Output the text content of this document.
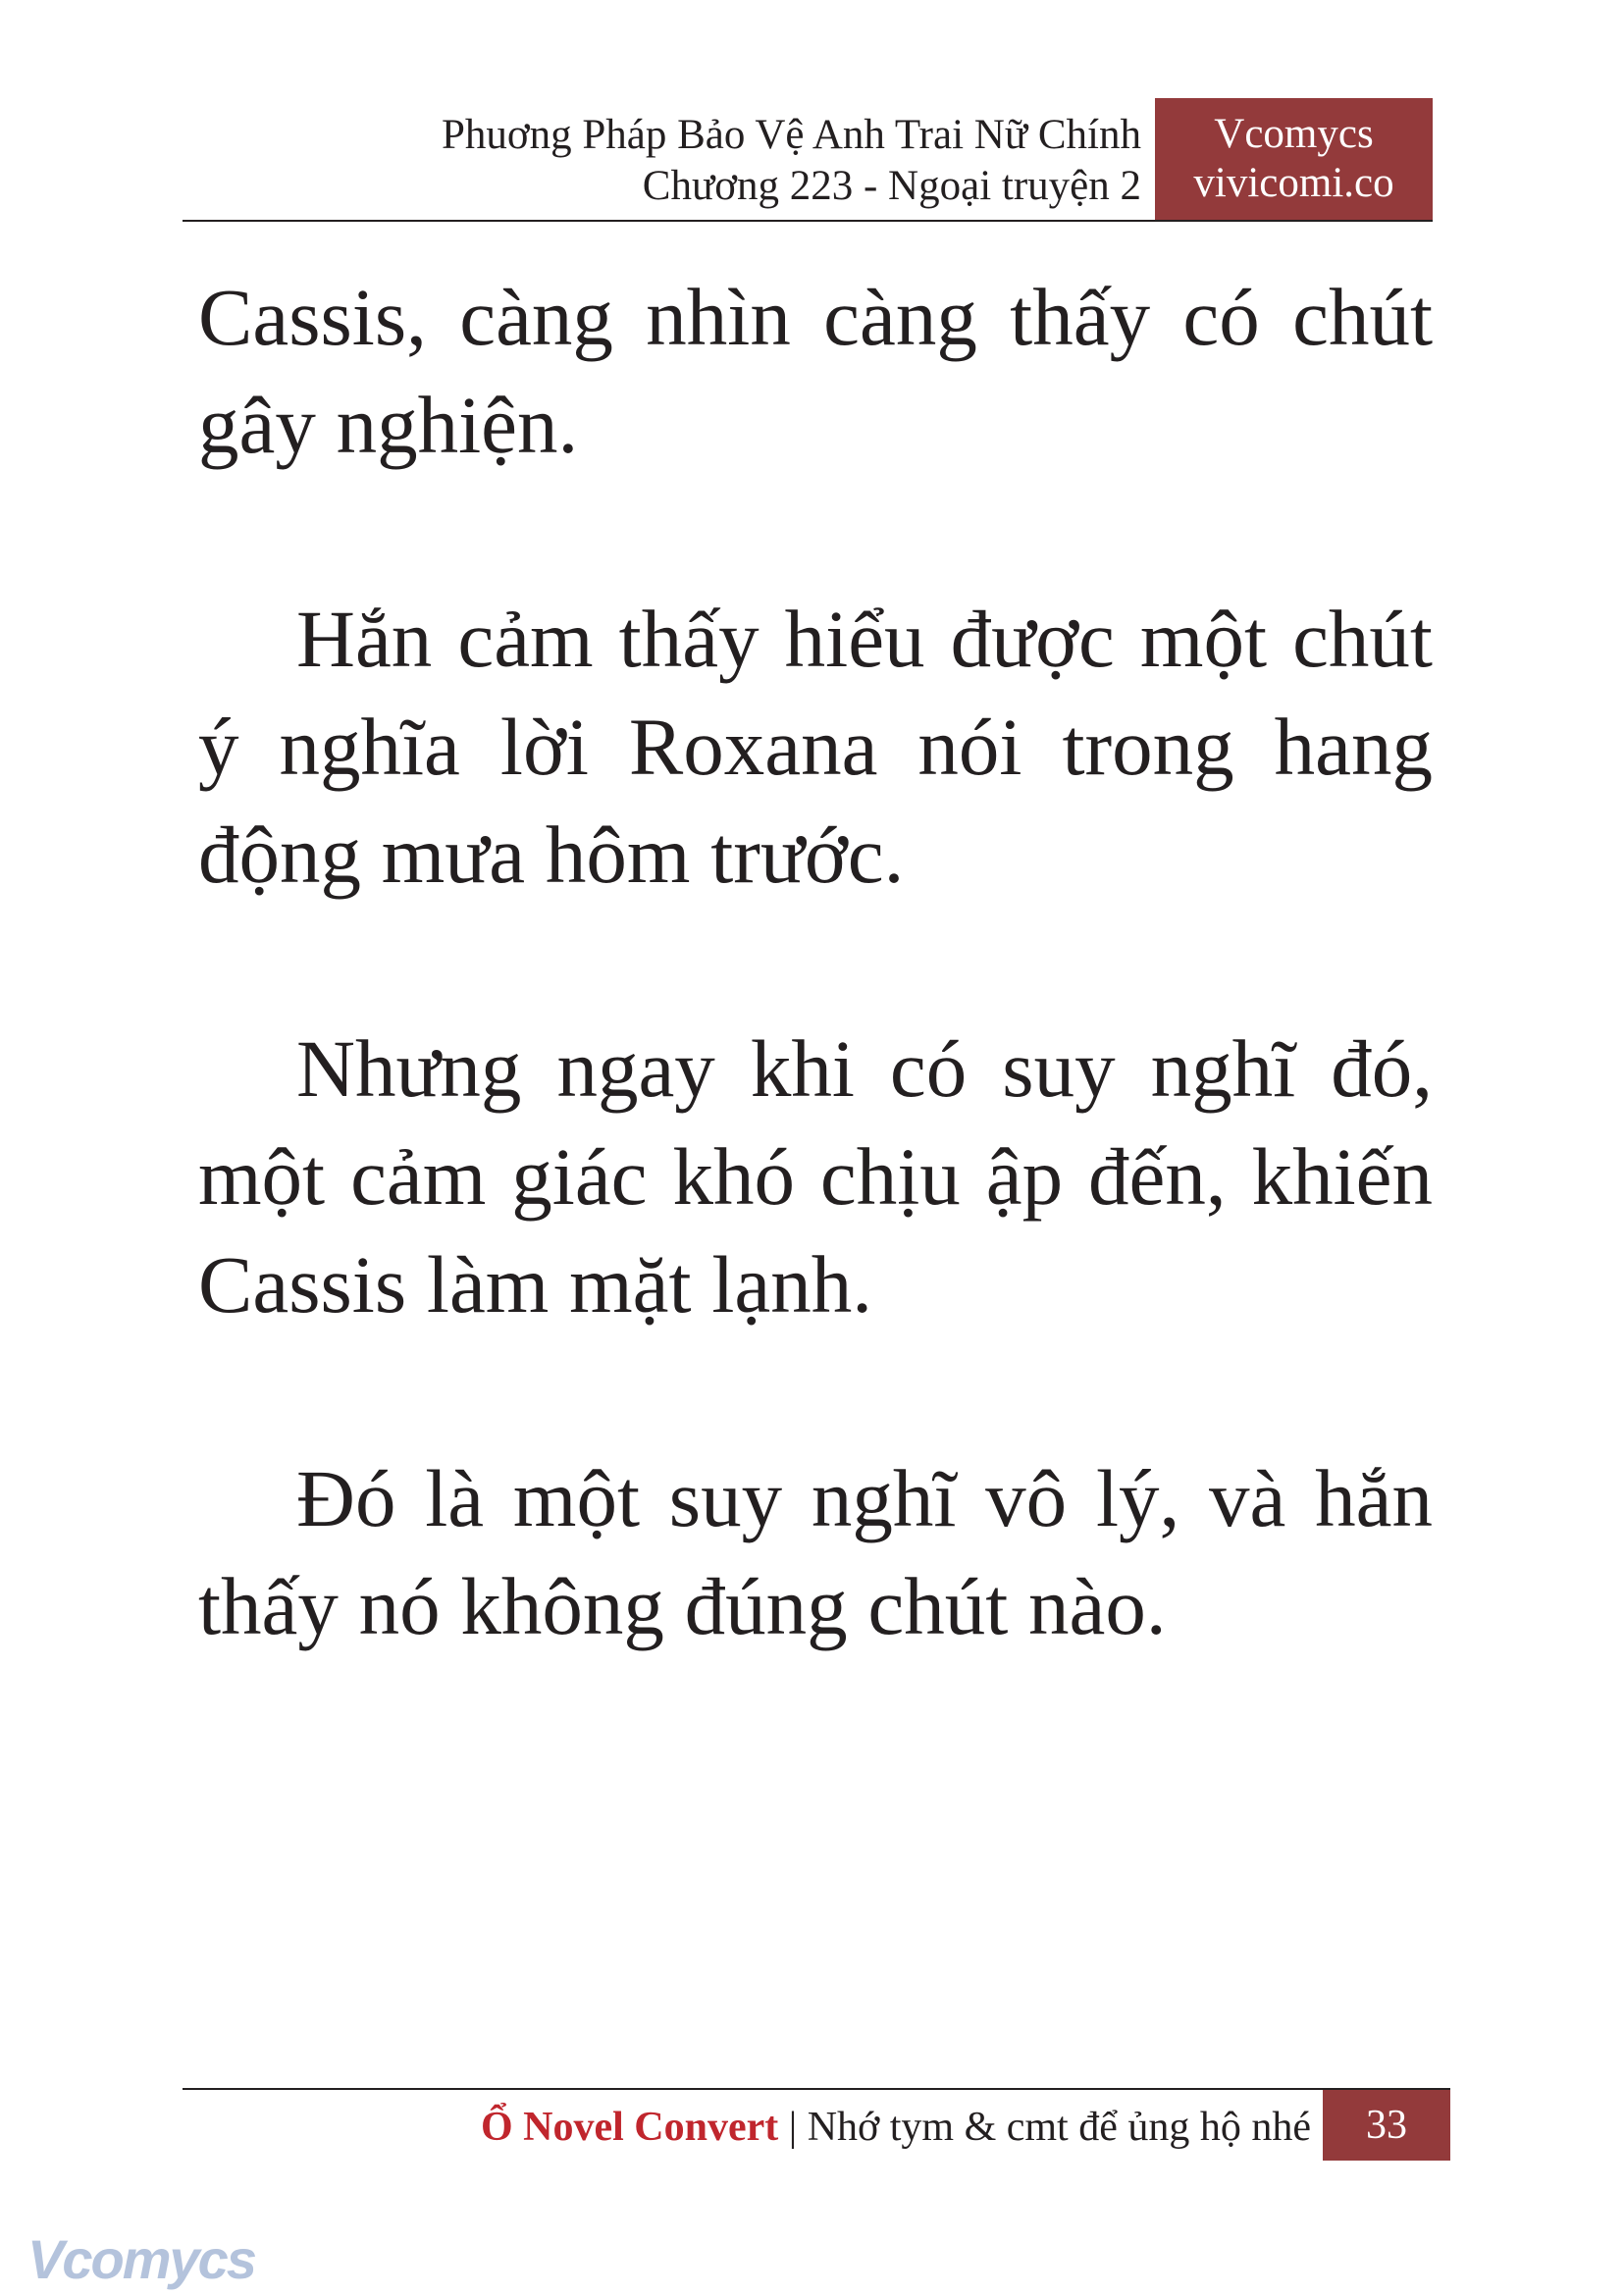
Phuơng Pháp Bảo Vệ Anh Trai Nữ Chính
Chương 223 - Ngoại truyện 2
Vcomycs
vivicomi.co

Cassis, càng nhìn càng thấy có chút gây nghiện.

Hắn cảm thấy hiểu được một chút ý nghĩa lời Roxana nói trong hang động mưa hôm trước.

Nhưng ngay khi có suy nghĩ đó, một cảm giác khó chịu ập đến, khiến Cassis làm mặt lạnh.

Đó là một suy nghĩ vô lý, và hắn thấy nó không đúng chút nào.

Ổ Novel Convert | Nhớ tym & cmt để ủng hộ nhé	33
Vcomycs
